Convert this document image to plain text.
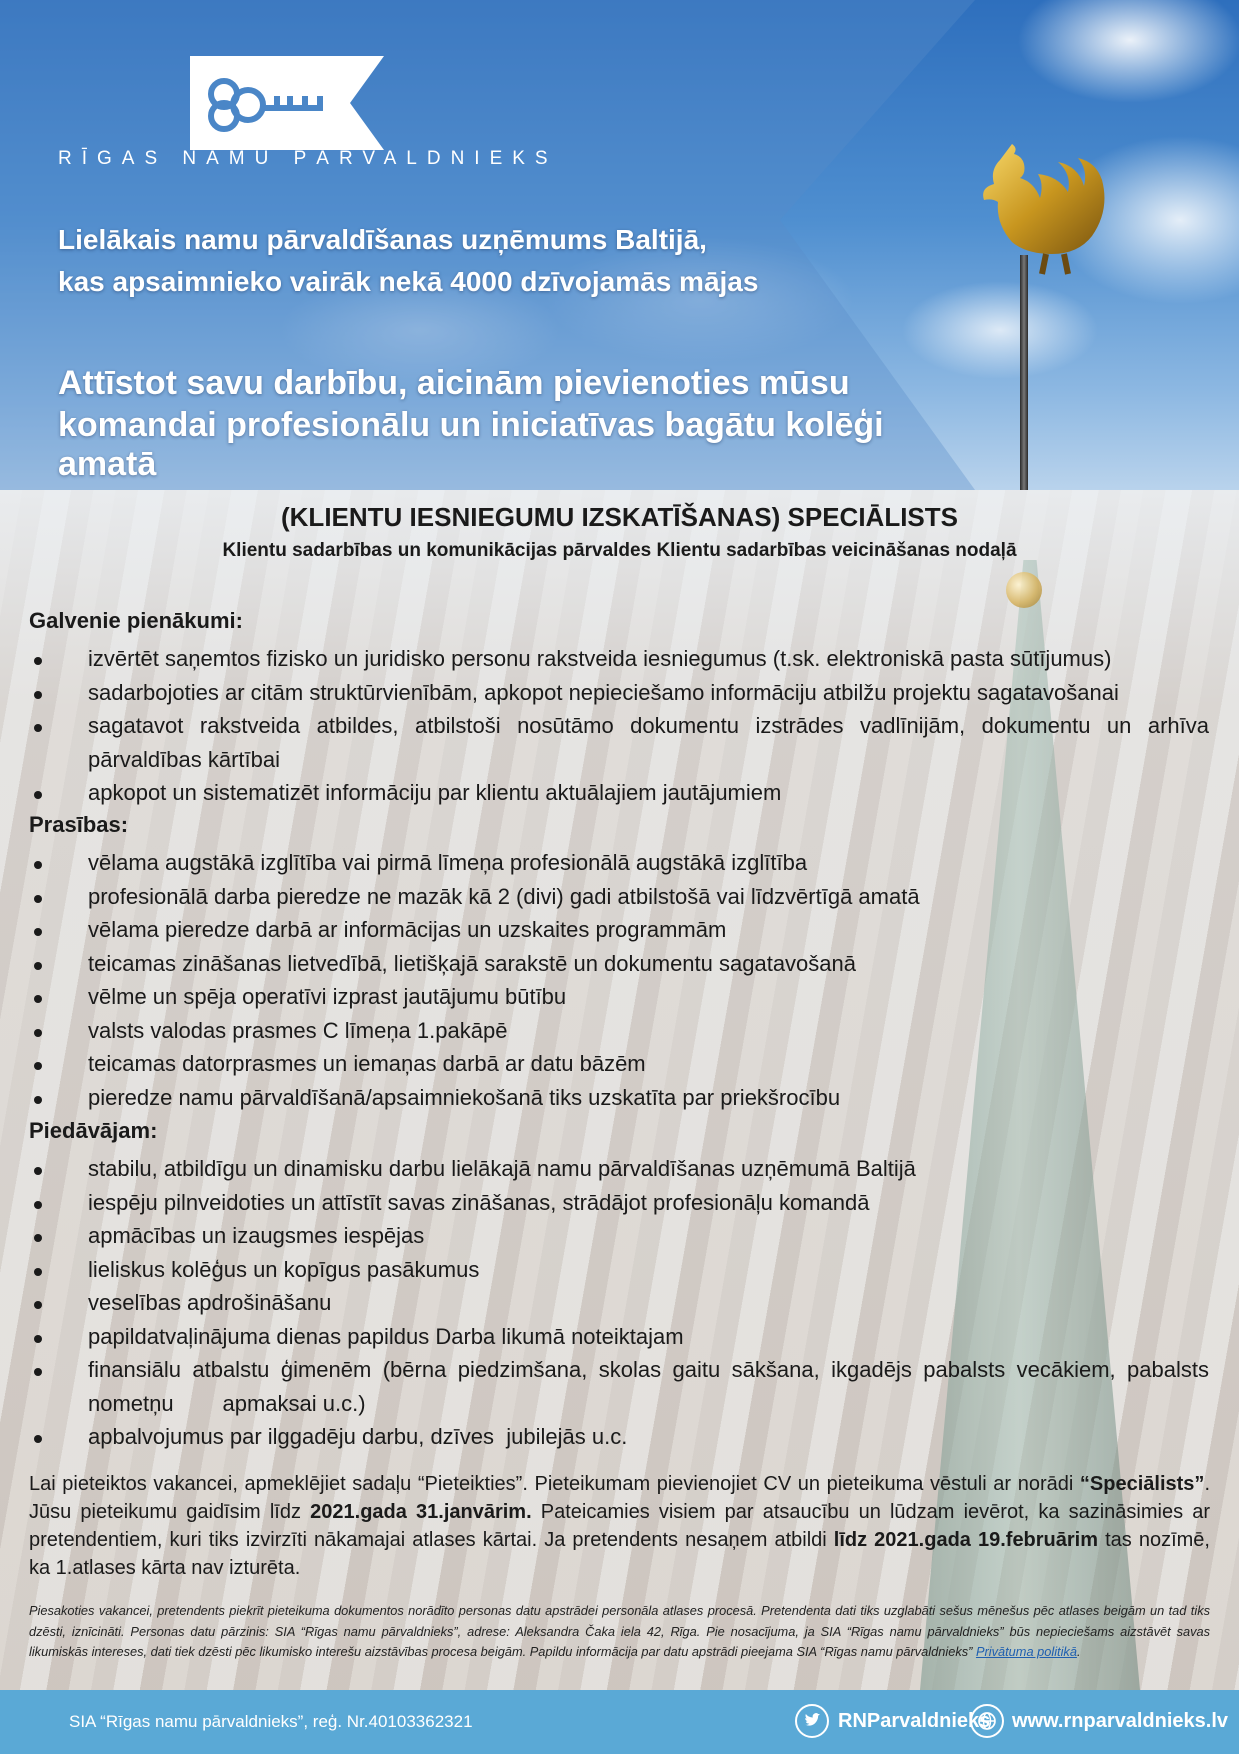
RĪGAS NAMU PĀRVALDNIEKS
Lielākais namu pārvaldīšanas uzņēmums Baltijā,
kas apsaimnieko vairāk nekā 4000 dzīvojamās mājas
Attīstot savu darbību, aicinām pievienoties mūsu
komandai profesionālu un iniciatīvas bagātu kolēģi amatā
(KLIENTU IESNIEGUMU IZSKATĪŠANAS) SPECIĀLISTS
Klientu sadarbības un komunikācijas pārvaldes Klientu sadarbības veicināšanas nodaļā
Galvenie pienākumi:
izvērtēt saņemtos fizisko un juridisko personu rakstveida iesniegumus (t.sk. elektroniskā pasta sūtījumus)
sadarbojoties ar citām struktūrvienībām, apkopot nepieciešamo informāciju atbilžu projektu sagatavošanai
sagatavot rakstveida atbildes, atbilstoši nosūtāmo dokumentu izstrādes vadlīnijām, dokumentu un arhīva pārvaldības kārtībai
apkopot un sistematizēt informāciju par klientu aktuālajiem jautājumiem
Prasības:
vēlama augstākā izglītība vai pirmā līmeņa profesionālā augstākā izglītība
profesionālā darba pieredze ne mazāk kā 2 (divi) gadi atbilstošā vai līdzvērtīgā amatā
vēlama pieredze darbā ar informācijas un uzskaites programmām
teicamas zināšanas lietvedībā, lietišķajā sarakstē un dokumentu sagatavošanā
vēlme un spēja operatīvi izprast jautājumu būtību
valsts valodas prasmes C līmeņa 1.pakāpē
teicamas datorprasmes un iemaņas darbā ar datu bāzēm
pieredze namu pārvaldīšanā/apsaimniekošanā tiks uzskatīta par priekšrocību
Piedāvājam:
stabilu, atbildīgu un dinamisku darbu lielākajā namu pārvaldīšanas uzņēmumā Baltijā
iespēju pilnveidoties un attīstīt savas zināšanas, strādājot profesionāļu komandā
apmācības un izaugsmes iespējas
lieliskus kolēģus un kopīgus pasākumus
veselības apdrošināšanu
papildatvaļinājuma dienas papildus Darba likumā noteiktajam
finansiālu atbalstu ģimenēm (bērna piedzimšana, skolas gaitu sākšana, ikgadējs pabalsts vecākiem, pabalsts nometņu        apmaksai u.c.)
apbalvojumus par ilggadēju darbu, dzīves  jubilejās u.c.
Lai pieteiktos vakancei, apmeklējiet sadaļu “Pieteikties”. Pieteikumam pievienojiet CV un pieteikuma vēstuli ar norādi “Speciālists”. Jūsu pieteikumu gaidīsim līdz 2021.gada 31.janvārim. Pateicamies visiem par atsaucību un lūdzam ievērot, ka sazināsimies ar pretendentiem, kuri tiks izvirzīti nākamajai atlases kārtai. Ja pretendents nesaņem atbildi līdz 2021.gada 19.februārim tas nozīmē, ka 1.atlases kārta nav izturēta.
Piesakoties vakancei, pretendents piekrīt pieteikuma dokumentos norādīto personas datu apstrādei personāla atlases procesā. Pretendenta dati tiks uzglabāti sešus mēnešus pēc atlases beigām un tad tiks dzēsti, iznīcināti. Personas datu pārzinis: SIA “Rīgas namu pārvaldnieks”, adrese: Aleksandra Čaka iela 42, Rīga. Pie nosacījuma, ja SIA “Rīgas namu pārvaldnieks” būs nepieciešams aizstāvēt savas likumiskās intereses, dati tiek dzēsti pēc likumisko interešu aizstāvības procesa beigām. Papildu informācija par datu apstrādi pieejama SIA “Rīgas namu pārvaldnieks” Privātuma politikā.
SIA “Rīgas namu pārvaldnieks”, reģ. Nr.40103362321	RNParvaldnieks www.rnparvaldnieks.lv
